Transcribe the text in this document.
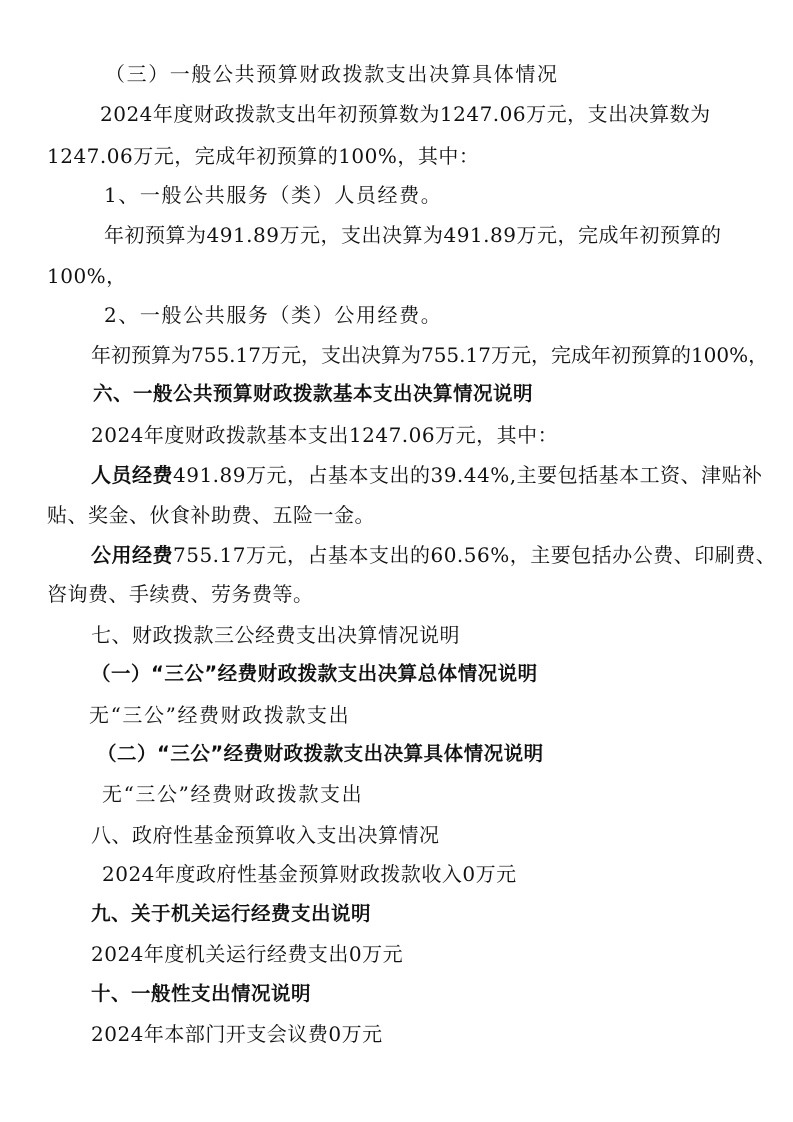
（三）一般公共预算财政拨款支出决算具体情况
2024年度财政拨款支出年初预算数为1247.06万元，支出决算数为
1247.06万元，完成年初预算的100%，其中：
1、一般公共服务（类）人员经费。
年初预算为491.89万元，支出决算为491.89万元，完成年初预算的
100%，
2、一般公共服务（类）公用经费。
年初预算为755.17万元，支出决算为755.17万元，完成年初预算的100%，
六、一般公共预算财政拨款基本支出决算情况说明
2024年度财政拨款基本支出1247.06万元，其中：
人员经费491.89万元，占基本支出的39.44%,主要包括基本工资、津贴补
贴、奖金、伙食补助费、五险一金。
公用经费755.17万元，占基本支出的60.56%，主要包括办公费、印刷费、
咨询费、手续费、劳务费等。
七、财政拨款三公经费支出决算情况说明
（一）“三公”经费财政拨款支出决算总体情况说明
无“三公”经费财政拨款支出
（二）“三公”经费财政拨款支出决算具体情况说明
无“三公”经费财政拨款支出
八、政府性基金预算收入支出决算情况
2024年度政府性基金预算财政拨款收入0万元
九、关于机关运行经费支出说明
2024年度机关运行经费支出0万元
十、一般性支出情况说明
2024年本部门开支会议费0万元
